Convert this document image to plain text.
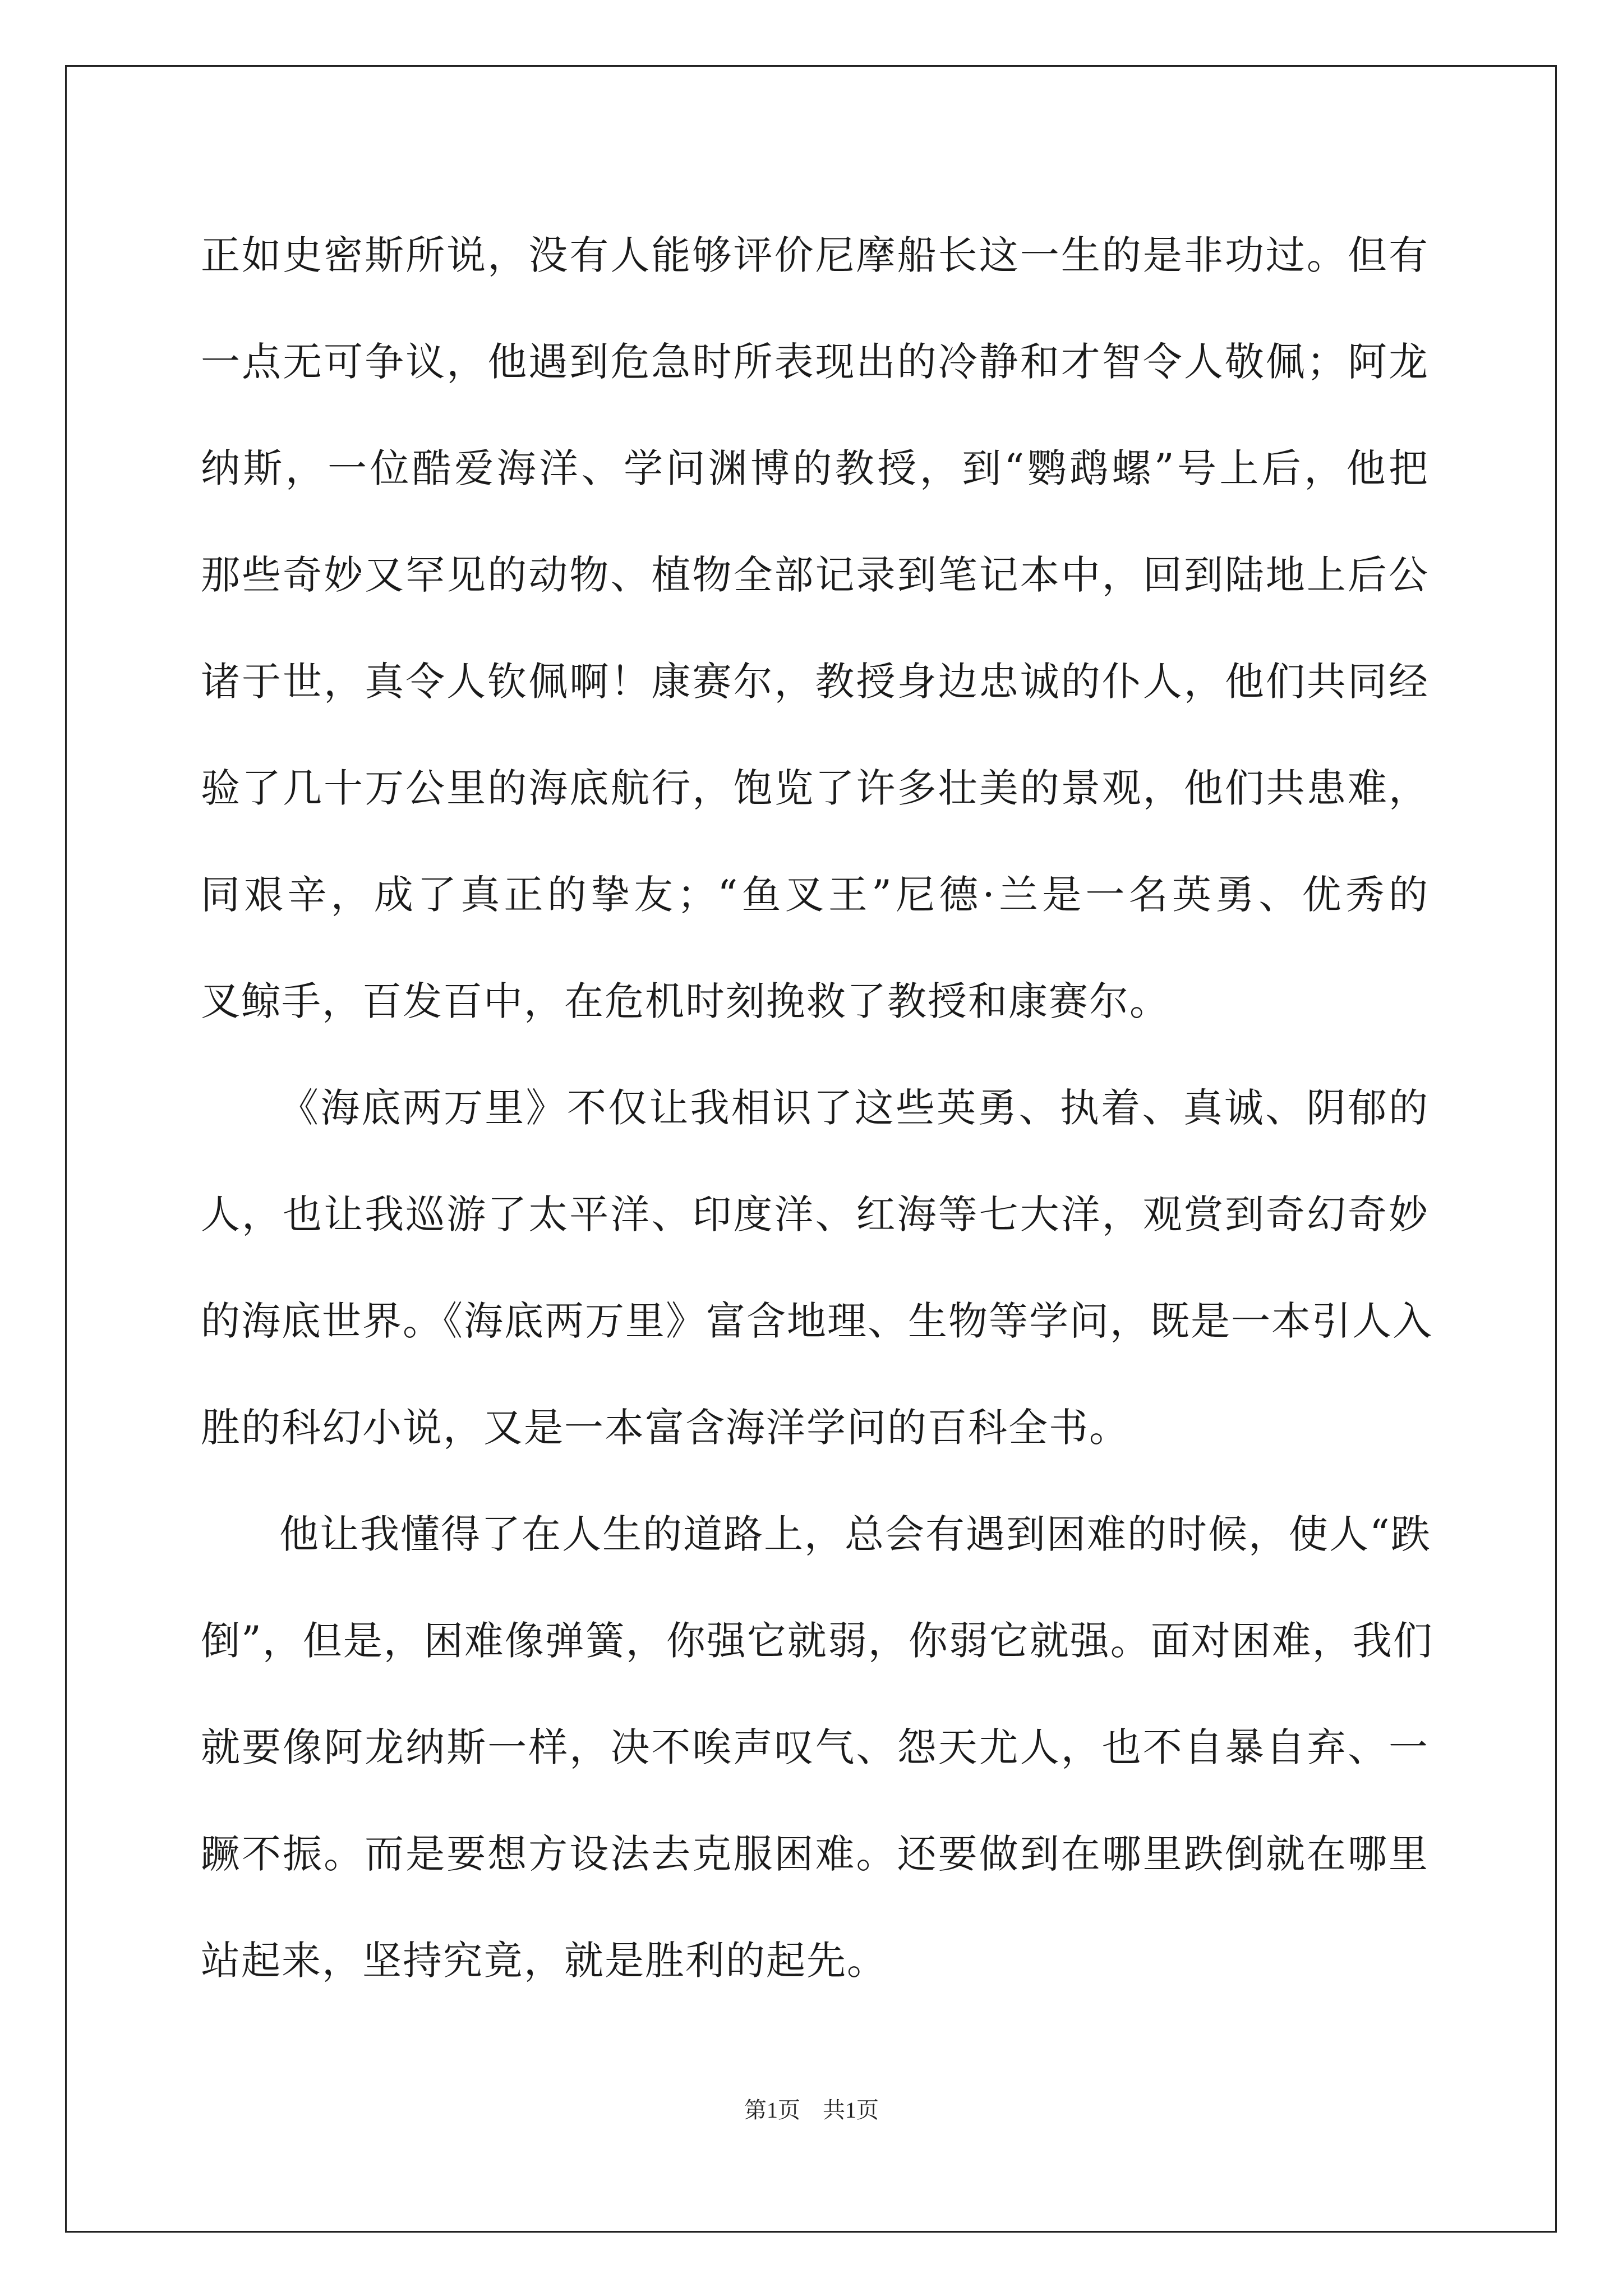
正如史密斯所说，没有人能够评价尼摩船长这一生的是非功过。但有
一点无可争议，他遇到危急时所表现出的冷静和才智令人敬佩；阿龙
纳斯，一位酷爱海洋、学问渊博的教授，到“鹦鹉螺”号上后，他把
那些奇妙又罕见的动物、植物全部记录到笔记本中，回到陆地上后公
诸于世，真令人钦佩啊！康赛尔，教授身边忠诚的仆人，他们共同经
验了几十万公里的海底航行，饱览了许多壮美的景观，他们共患难，
同艰辛，成了真正的挚友；“鱼叉王”尼德·兰是一名英勇、优秀的
叉鲸手，百发百中，在危机时刻挽救了教授和康赛尔。
《海底两万里》不仅让我相识了这些英勇、执着、真诚、阴郁的
人，也让我巡游了太平洋、印度洋、红海等七大洋，观赏到奇幻奇妙
的海底世界。《海底两万里》富含地理、生物等学问，既是一本引人入
胜的科幻小说，又是一本富含海洋学问的百科全书。
他让我懂得了在人生的道路上，总会有遇到困难的时候，使人“跌
倒”，但是，困难像弹簧，你强它就弱，你弱它就强。面对困难，我们
就要像阿龙纳斯一样，决不唉声叹气、怨天尤人，也不自暴自弃、一
蹶不振。而是要想方设法去克服困难。还要做到在哪里跌倒就在哪里
站起来，坚持究竟，就是胜利的起先。
第1页　共1页
